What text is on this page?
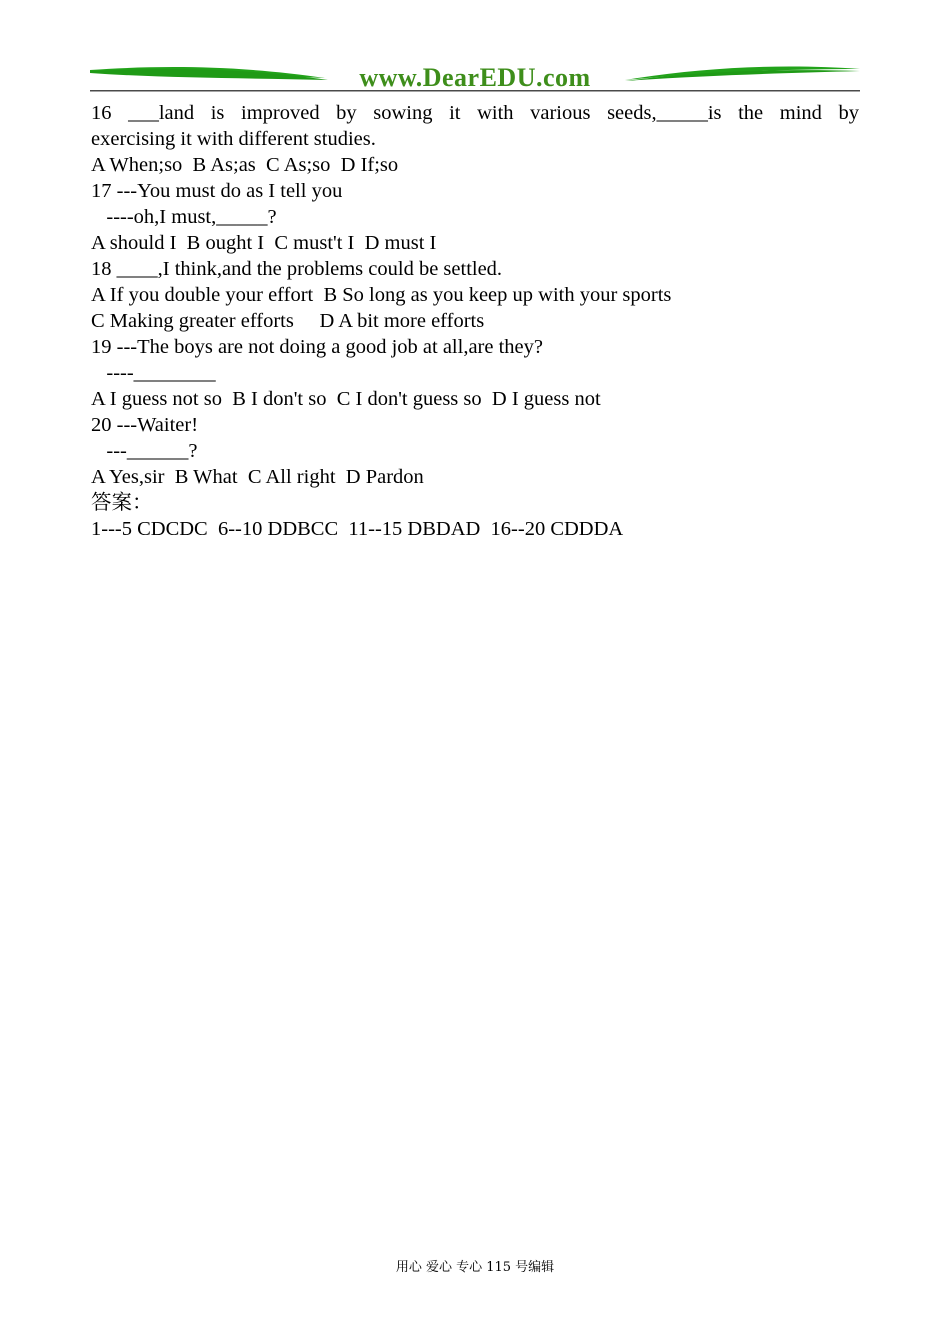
www.DearEDU.com

16 ___land is improved by sowing it with various seeds,_____is the mind by

exercising it with different studies.

A When;so  B As;as  C As;so  D If;so

17 ---You must do as I tell you

----oh,I must,_____?

A should I  B ought I  C must't I  D must I

18 ____,I think,and the problems could be settled.

A If you double your effort  B So long as you keep up with your sports

C Making greater efforts     D A bit more efforts

19 ---The boys are not doing a good job at all,are they?

----________

A I guess not so  B I don't so  C I don't guess so  D I guess not

20 ---Waiter!

---______?

A Yes,sir  B What  C All right  D Pardon

答案：

1---5 CDCDC  6--10 DDBCC  11--15 DBDAD  16--20 CDDDA

用心 爱心 专心 115 号编辑
